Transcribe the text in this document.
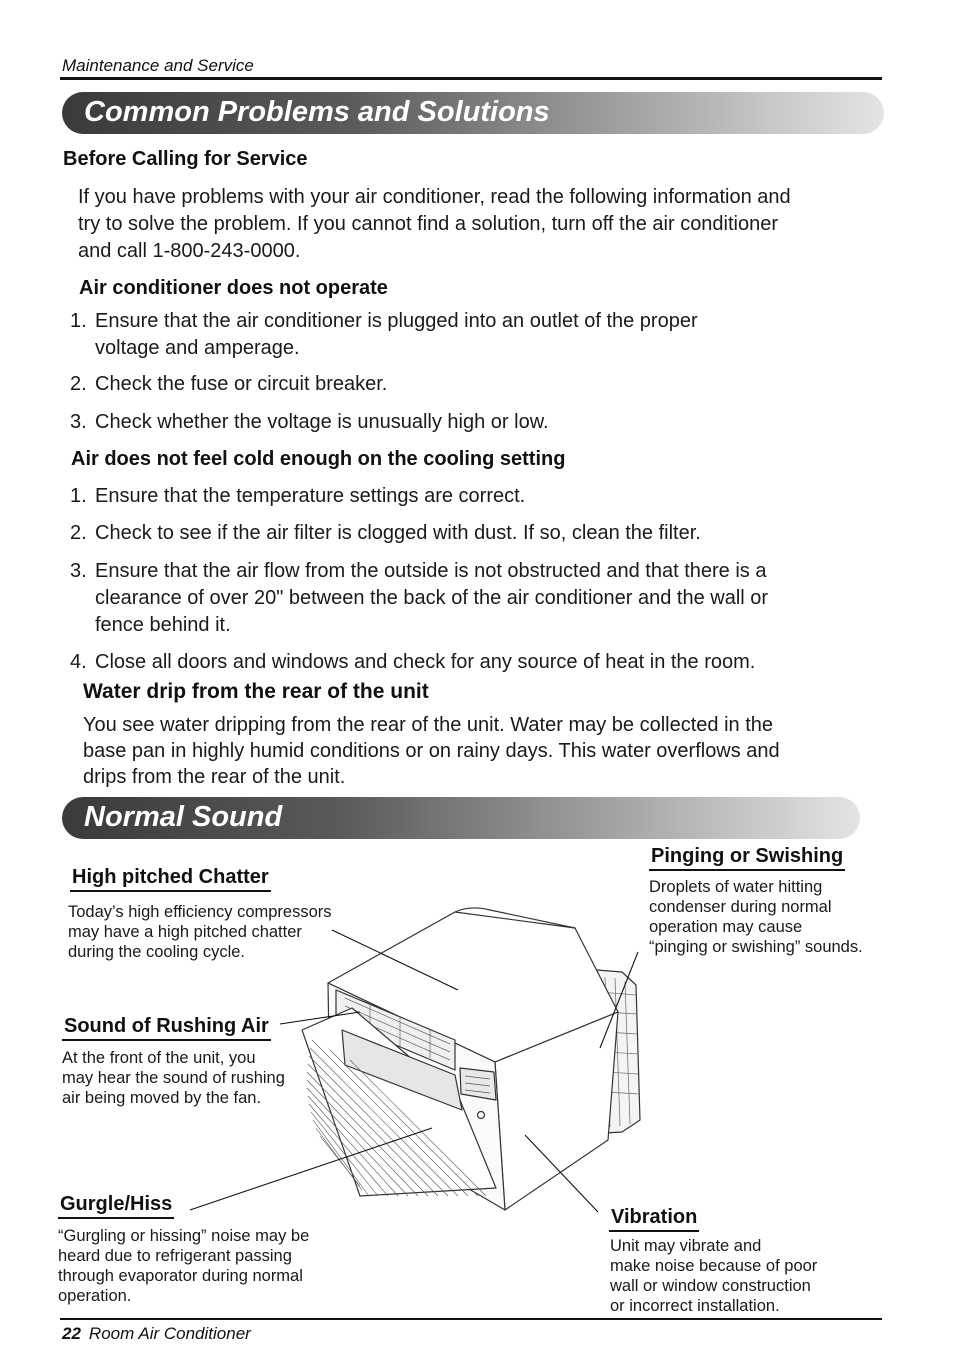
Maintenance and Service
Common Problems and Solutions
Before Calling for Service
If you have problems with your air conditioner, read the following information and
try to solve the problem. If you cannot find a solution, turn off the air conditioner
and call 1-800-243-0000.
Air conditioner does not operate
1. Ensure that the air conditioner is plugged into an outlet of the proper
voltage and amperage.
2. Check the fuse or circuit breaker.
3. Check whether the voltage is unusually high or low.
Air does not feel cold enough on the cooling setting
1. Ensure that the temperature settings are correct.
2. Check to see if the air filter is clogged with dust. If so, clean the filter.
3. Ensure that the air flow from the outside is not obstructed and that there is a
clearance of over 20" between the back of the air conditioner and the wall or
fence behind it.
4. Close all doors and windows and check for any source of heat in the room.
Water drip from the rear of the unit
You see water dripping from the rear of the unit. Water may be collected in the
base pan in highly humid conditions or on rainy days. This water overflows and
drips from the rear of the unit.
Normal Sound
High pitched Chatter
Today’s high efficiency compressors
may have a high pitched chatter
during the cooling cycle.
Sound of Rushing Air
At the front of the unit, you
may hear the sound of rushing
air being moved by the fan.
Gurgle/Hiss
“Gurgling or hissing” noise may be
heard due to refrigerant passing
through evaporator during normal
operation.
Pinging or Swishing
Droplets of water hitting
condenser during normal
operation may cause
“pinging or swishing” sounds.
Vibration
Unit may vibrate and
make noise because of poor
wall or window construction
or incorrect installation.
22 Room Air Conditioner
